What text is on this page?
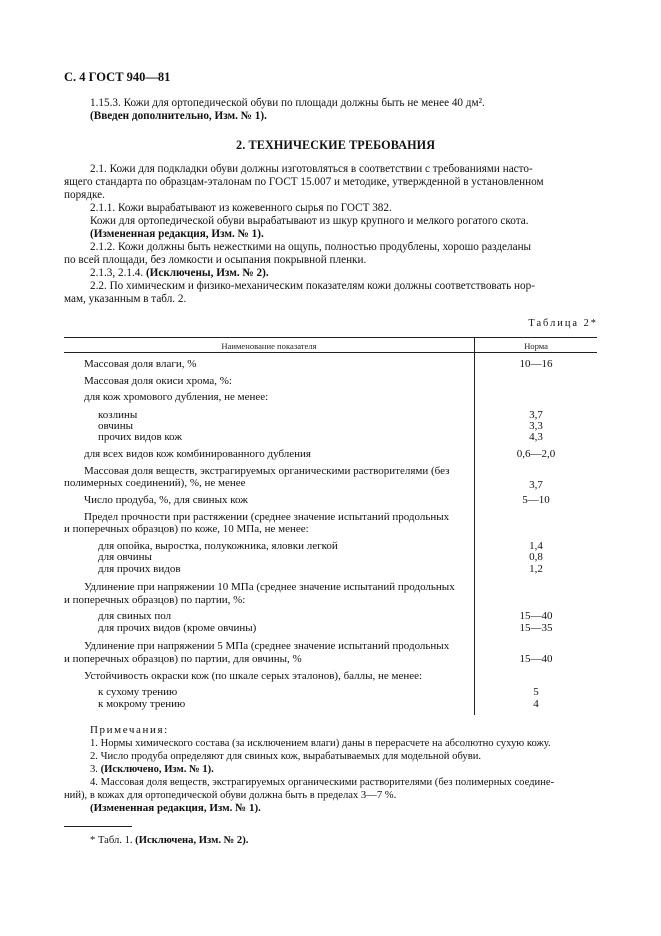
С. 4 ГОСТ 940—81
1.15.3. Кожи для ортопедической обуви по площади должны быть не менее 40 дм².
(Введен дополнительно, Изм. № 1).
2. ТЕХНИЧЕСКИЕ ТРЕБОВАНИЯ
2.1. Кожи для подкладки обуви должны изготовляться в соответствии с требованиями насто-
ящего стандарта по образцам-эталонам по ГОСТ 15.007 и методике, утвержденной в установленном
порядке.
2.1.1. Кожи вырабатывают из кожевенного сырья по ГОСТ 382.
Кожи для ортопедической обуви вырабатывают из шкур крупного и мелкого рогатого скота.
(Измененная редакция, Изм. № 1).
2.1.2. Кожи должны быть нежесткими на ощупь, полностью продублены, хорошо разделаны
по всей площади, без ломкости и осыпания покрывной пленки.
2.1.3, 2.1.4. (Исключены, Изм. № 2).
2.2. По химическим и физико-механическим показателям кожи должны соответствовать нор-
мам, указанным в табл. 2.
Таблица 2*
Наименование показателя	Норма
Массовая доля влаги, %	10—16
Массовая доля окиси хрома, %:
для кож хромового дубления, не менее:
козлины	3,7
овчины	3,3
прочих видов кож	4,3
для всех видов кож комбинированного дубления	0,6—2,0
Массовая доля веществ, экстрагируемых органическими растворителями (без
полимерных соединений), %, не менее	3,7
Число продуба, %, для свиных кож	5—10
Предел прочности при растяжении (среднее значение испытаний продольных
и поперечных образцов) по коже, 10 МПа, не менее:
для опойка, выростка, полукожника, яловки легкой	1,4
для овчины	0,8
для прочих видов	1,2
Удлинение при напряжении 10 МПа (среднее значение испытаний продольных
и поперечных образцов) по партии, %:
для свиных пол	15—40
для прочих видов (кроме овчины)	15—35
Удлинение при напряжении 5 МПа (среднее значение испытаний продольных
и поперечных образцов) по партии, для овчины, %	15—40
Устойчивость окраски кож (по шкале серых эталонов), баллы, не менее:
к сухому трению	5
к мокрому трению	4
Примечания:
1. Нормы химического состава (за исключением влаги) даны в перерасчете на абсолютно сухую кожу.
2. Число продуба определяют для свиных кож, вырабатываемых для модельной обуви.
3. (Исключено, Изм. № 1).
4. Массовая доля веществ, экстрагируемых органическими растворителями (без полимерных соедине-
ний), в кожах для ортопедической обуви должна быть в пределах 3—7 %.
(Измененная редакция, Изм. № 1).
* Табл. 1. (Исключена, Изм. № 2).
